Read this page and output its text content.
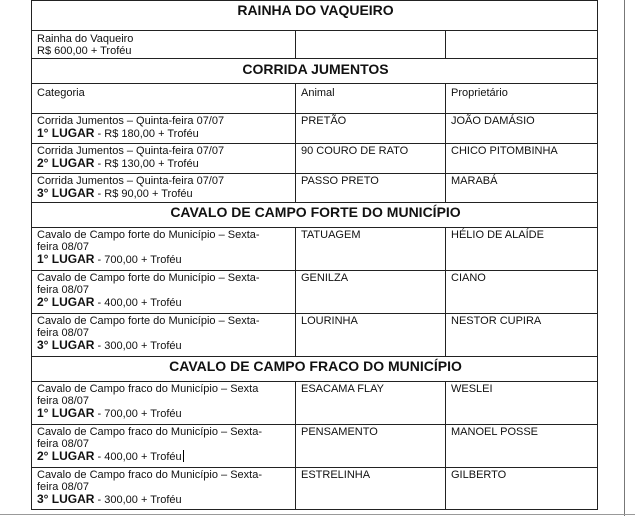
RAINHA DO VAQUEIRO		

Rainha do Vaqueiro
R$ 600,00 + Troféu		

CORRIDA JUMENTOS		
Categoria	Animal	Proprietário

Corrida Jumentos – Quinta-feira 07/07
1° LUGAR - R$ 180,00 + Troféu	PRETÃO	JOÃO DAMÁSIO

Corrida Jumentos – Quinta-feira 07/07
2° LUGAR - R$ 130,00 + Troféu	90 COURO DE RATO	CHICO PITOMBINHA

Corrida Jumentos – Quinta-feira 07/07
3° LUGAR - R$ 90,00 + Troféu	PASSO PRETO	MARABÁ
CAVALO DE CAMPO FORTE DO MUNICÍPIO		

Cavalo de Campo forte do Município – Sexta-
feira 08/07
1° LUGAR - 700,00 + Troféu	TATUAGEM	HÉLIO DE ALAÍDE

Cavalo de Campo forte do Município – Sexta-
feira 08/07
2° LUGAR - 400,00 + Troféu	GENILZA	CIANO

Cavalo de Campo forte do Município – Sexta-
feira 08/07
3° LUGAR - 300,00 + Troféu	LOURINHA	NESTOR CUPIRA
CAVALO DE CAMPO FRACO DO MUNICÍPIO		

Cavalo de Campo fraco do Município – Sexta
feira 08/07
1° LUGAR - 700,00 + Troféu	ESACAMA FLAY	WESLEI

Cavalo de Campo fraco do Município – Sexta-
feira 08/07
2° LUGAR - 400,00 + Troféu	PENSAMENTO	MANOEL POSSE

Cavalo de Campo fraco do Município – Sexta-
feira 08/07
3° LUGAR - 300,00 + Troféu	ESTRELINHA	GILBERTO
